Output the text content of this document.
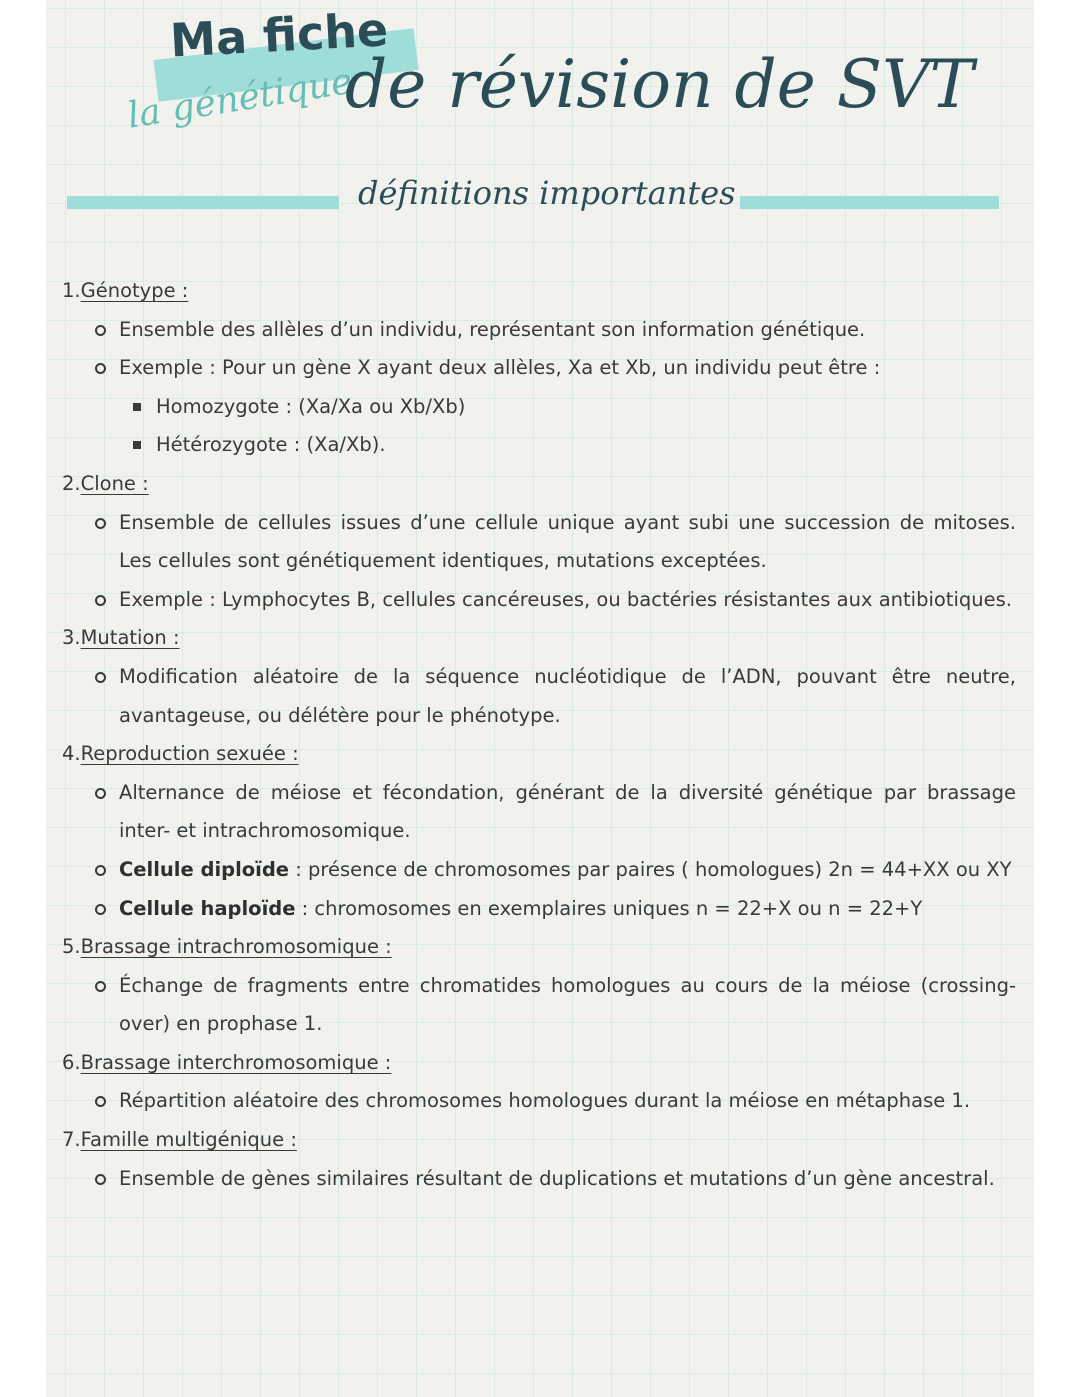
Ma fiche
la génétique
de révision de SVT
définitions importantes
1.Génotype :
Ensemble des allèles d’un individu, représentant son information génétique.
Exemple : Pour un gène X ayant deux allèles, Xa et Xb, un individu peut être :
Homozygote : (Xa/Xa ou Xb/Xb)
Hétérozygote : (Xa/Xb).
2.Clone :
Ensemble de cellules issues d’une cellule unique ayant subi une succession de mitoses. Les cellules sont génétiquement identiques, mutations exceptées.
Exemple : Lymphocytes B, cellules cancéreuses, ou bactéries résistantes aux antibiotiques.
3.Mutation :
Modification aléatoire de la séquence nucléotidique de l’ADN, pouvant être neutre, avantageuse, ou délétère pour le phénotype.
4.Reproduction sexuée :
Alternance de méiose et fécondation, générant de la diversité génétique par brassage inter- et intrachromosomique.
Cellule diploïde : présence de chromosomes par paires ( homologues) 2n = 44+XX ou XY
Cellule haploïde : chromosomes en exemplaires uniques n = 22+X ou n = 22+Y
5.Brassage intrachromosomique :
Échange de fragments entre chromatides homologues au cours de la méiose (crossing-over) en prophase 1.
6.Brassage interchromosomique :
Répartition aléatoire des chromosomes homologues durant la méiose en métaphase 1.
7.Famille multigénique :
Ensemble de gènes similaires résultant de duplications et mutations d’un gène ancestral.
